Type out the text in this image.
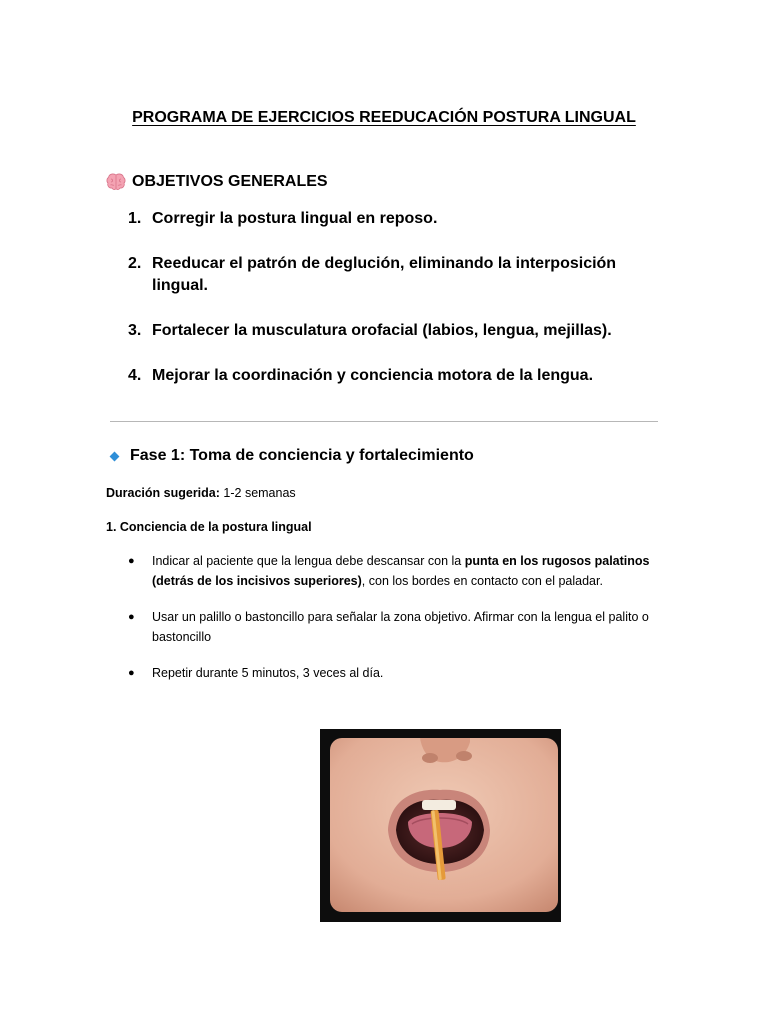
PROGRAMA DE EJERCICIOS REEDUCACIÓN POSTURA LINGUAL
OBJETIVOS GENERALES
1. Corregir la postura lingual en reposo.
2. Reeducar el patrón de deglución, eliminando la interposición lingual.
3. Fortalecer la musculatura orofacial (labios, lengua, mejillas).
4. Mejorar la coordinación y conciencia motora de la lengua.
Fase 1: Toma de conciencia y fortalecimiento
Duración sugerida: 1-2 semanas
1. Conciencia de la postura lingual
●	Indicar al paciente que la lengua debe descansar con la punta en los rugosos palatinos (detrás de los incisivos superiores), con los bordes en contacto con el paladar.
●	Usar un palillo o bastoncillo para señalar la zona objetivo. Afirmar con la lengua el palito o bastoncillo
●	Repetir durante 5 minutos, 3 veces al día.
